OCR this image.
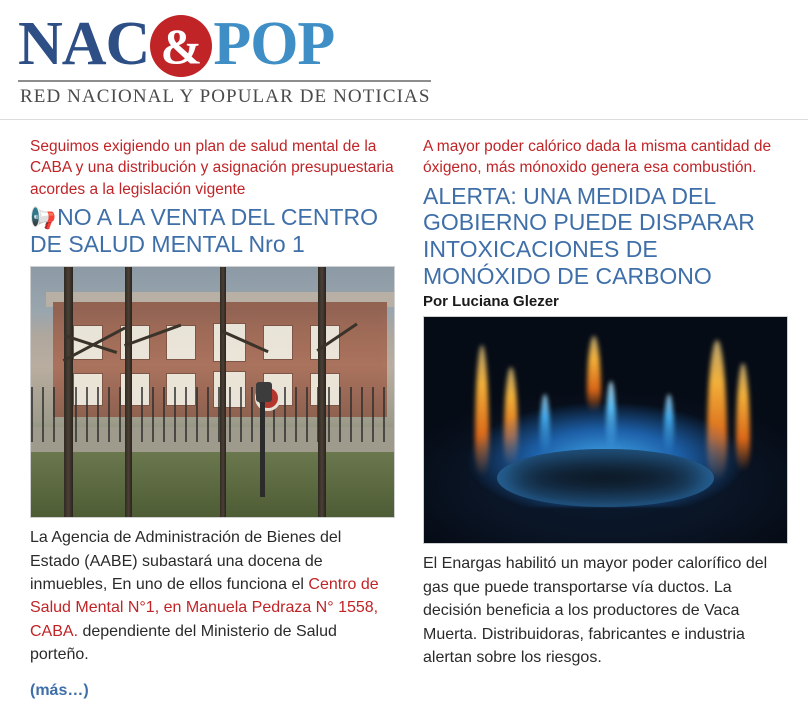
NAC & POP
RED NACIONAL Y POPULAR DE NOTICIAS

Seguimos exigiendo un plan de salud mental de la CABA y una distribución y asignación presupuestaria acordes a la legislación vigente

📢NO A LA VENTA DEL CENTRO DE SALUD MENTAL Nro 1

La Agencia de Administración de Bienes del Estado (AABE) subastará una docena de inmuebles, En uno de ellos funciona el Centro de Salud Mental N°1, en Manuela Pedraza N° 1558, CABA. dependiente del Ministerio de Salud porteño.

(más…)

A mayor poder calórico dada la misma cantidad de óxigeno, más mónoxido genera esa combustión.

ALERTA: UNA MEDIDA DEL GOBIERNO PUEDE DISPARAR INTOXICACIONES DE MONÓXIDO DE CARBONO
Por Luciana Glezer

El Enargas habilitó un mayor poder calorífico del gas que puede transportarse vía ductos. La decisión beneficia a los productores de Vaca Muerta. Distribuidoras, fabricantes e industria alertan sobre los riesgos.
